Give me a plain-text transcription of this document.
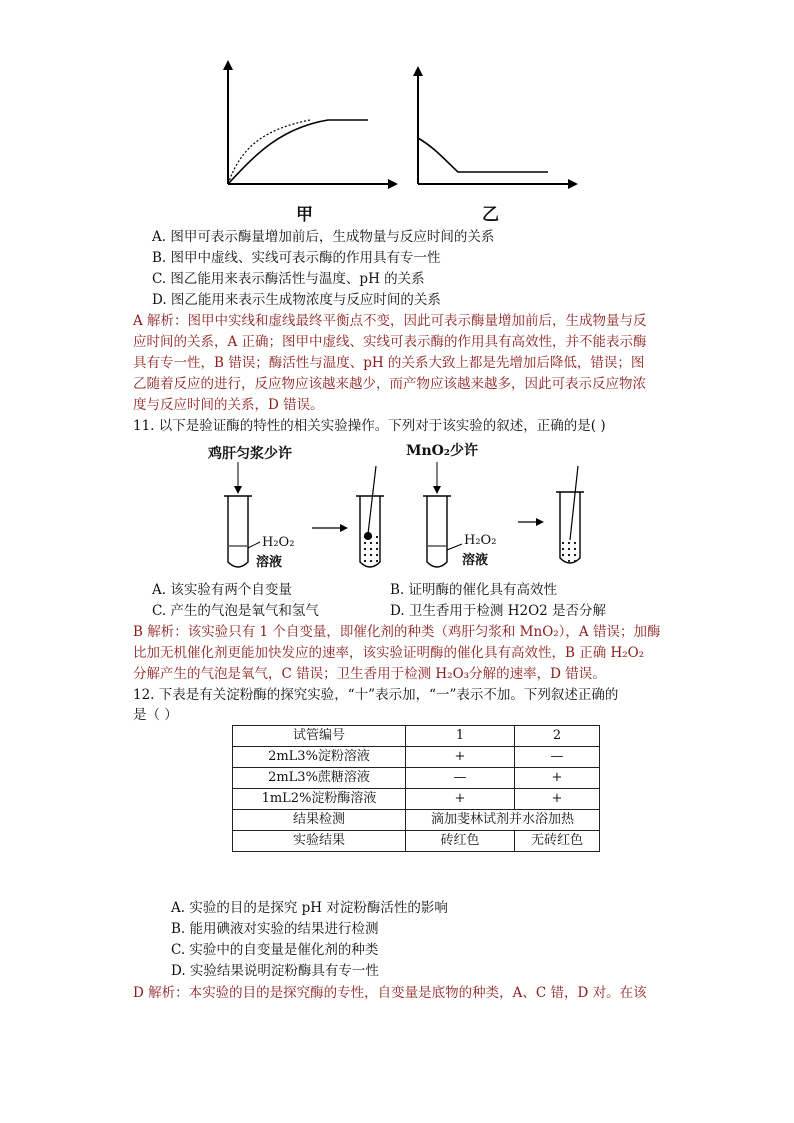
甲	乙
A. 图甲可表示酶量增加前后，生成物量与反应时间的关系
B. 图甲中虚线、实线可表示酶的作用具有专一性
C. 图乙能用来表示酶活性与温度、pH 的关系
D. 图乙能用来表示生成物浓度与反应时间的关系
A 解析：图甲中实线和虚线最终平衡点不变，因此可表示酶量增加前后，生成物量与反
应时间的关系，A 正确；图甲中虚线、实线可表示酶的作用具有高效性，并不能表示酶
具有专一性，B 错误；酶活性与温度、pH 的关系大致上都是先增加后降低，错误；图
乙随着反应的进行，反应物应该越来越少，而产物应该越来越多，因此可表示反应物浓
度与反应时间的关系，D 错误。
11. 以下是验证酶的特性的相关实验操作。下列对于该实验的叙述，正确的是( )
鸡肝匀浆少许	MnO₂少许
H₂O₂
溶液
H₂O₂
溶液
A. 该实验有两个自变量	B. 证明酶的催化具有高效性
C. 产生的气泡是氧气和氢气	D. 卫生香用于检测 H2O2 是否分解
B 解析：该实验只有 1 个自变量，即催化剂的种类（鸡肝匀浆和 MnO₂），A 错误；加酶
比加无机催化剂更能加快发应的速率，该实验证明酶的催化具有高效性，B 正确 H₂O₂
分解产生的气泡是氧气，C 错误；卫生香用于检测 H₂O₃分解的速率，D 错误。
12. 下表是有关淀粉酶的探究实验，“十”表示加，“一”表示不加。下列叙述正确的
是（ ）
试管编号	1	2
2mL3%淀粉溶液	+	—
2mL3%蔗糖溶液	—	+
1mL2%淀粉酶溶液	+	+
结果检测	滴加斐林试剂并水浴加热	
实验结果	砖红色	无砖红色
A. 实验的目的是探究 pH 对淀粉酶活性的影响
B. 能用碘液对实验的结果进行检测
C. 实验中的自变量是催化剂的种类
D. 实验结果说明淀粉酶具有专一性
D 解析：本实验的目的是探究酶的专性，自变量是底物的种类，A、C 错，D 对。在该
